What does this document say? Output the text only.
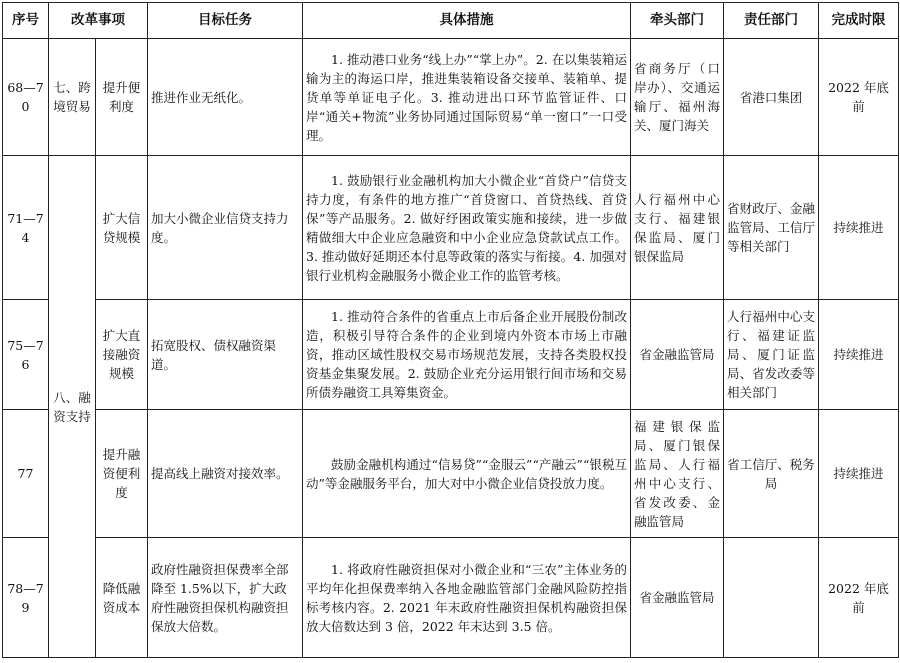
序号	改革事项		目标任务	具体措施	牵头部门	责任部门	完成时限
68—70	七、跨境贸易	提升便利度	推进作业无纸化。	1. 推动港口业务“线上办”“掌上办”。2. 在以集装箱运输为主的海运口岸，推进集装箱设备交接单、装箱单、提货单等单证电子化。3. 推动进出口环节监管证件、口岸“通关+物流”业务协同通过国际贸易“单一窗口”一口受理。	省商务厅（口岸办）、交通运输厅、福州海关、厦门海关	省港口集团	2022 年底前
71—74	八、融资支持	扩大信贷规模	加大小微企业信贷支持力度。	1. 鼓励银行业金融机构加大小微企业“首贷户”信贷支持力度，有条件的地方推广“首贷窗口、首贷热线、首贷保”等产品服务。2. 做好纾困政策实施和接续，进一步做精做细大中企业应急融资和中小企业应急贷款试点工作。3. 推动做好延期还本付息等政策的落实与衔接。4. 加强对银行业机构金融服务小微企业工作的监管考核。	人行福州中心支行、福建银保监局、厦门银保监局	省财政厅、金融监管局、工信厅等相关部门	持续推进
75—76		扩大直接融资规模	拓宽股权、债权融资渠道。	1. 推动符合条件的省重点上市后备企业开展股份制改造，积极引导符合条件的企业到境内外资本市场上市融资，推动区域性股权交易市场规范发展，支持各类股权投资基金集聚发展。2. 鼓励企业充分运用银行间市场和交易所债券融资工具筹集资金。	省金融监管局	人行福州中心支行、福建证监局、厦门证监局、省发改委等相关部门	持续推进
77		提升融资便利度	提高线上融资对接效率。	鼓励金融机构通过“信易贷”“金服云”“产融云”“银税互动”等金融服务平台，加大对中小微企业信贷投放力度。	福建银保监局、厦门银保监局、人行福州中心支行、省发改委、金融监管局	省工信厅、税务局	持续推进
78—79		降低融资成本	政府性融资担保费率全部降至 1.5%以下，扩大政府性融资担保机构融资担保放大倍数。	1. 将政府性融资担保对小微企业和“三农”主体业务的平均年化担保费率纳入各地金融监管部门金融风险防控指标考核内容。2. 2021 年末政府性融资担保机构融资担保放大倍数达到 3 倍，2022 年末达到 3.5 倍。	省金融监管局		2022 年底前
